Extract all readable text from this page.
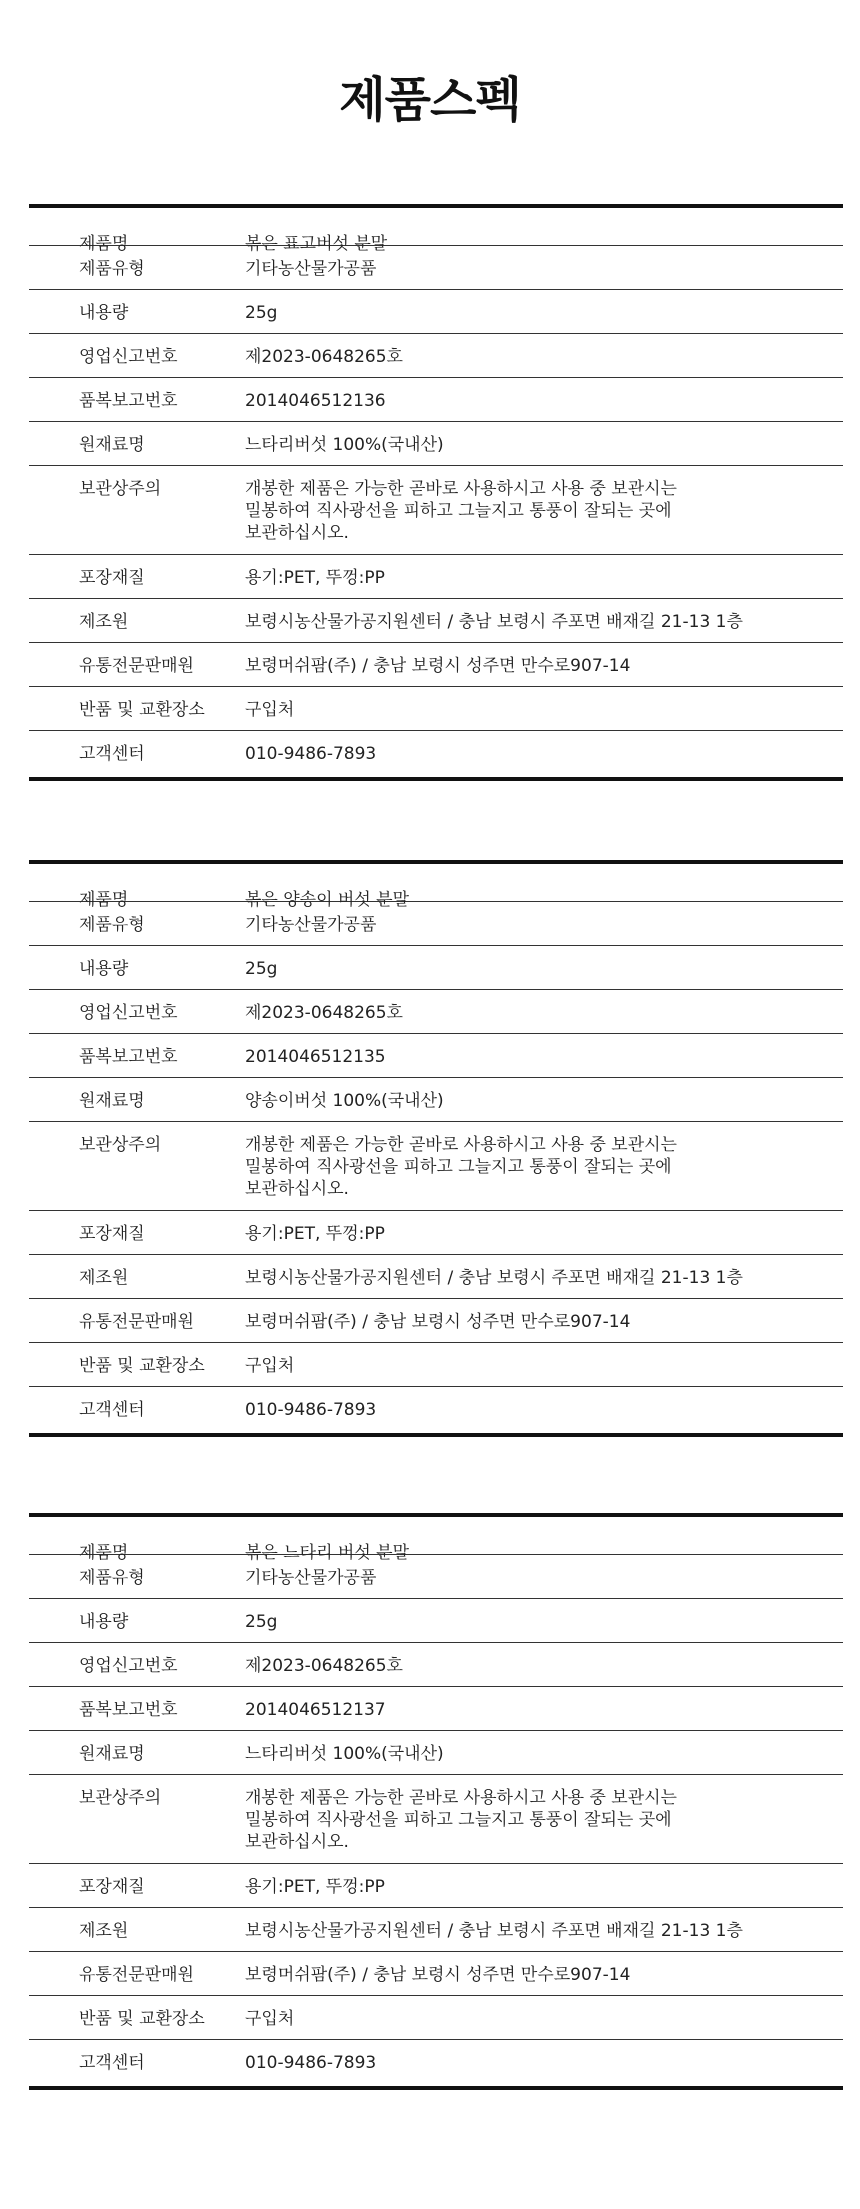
제품스펙
제품명	볶은 표고버섯 분말
제품유형	기타농산물가공품
내용량	25g
영업신고번호	제2023-0648265호
품복보고번호	2014046512136
원재료명	느타리버섯 100%(국내산)
보관상주의	개봉한 제품은 가능한 곧바로 사용하시고 사용 중 보관시는
밀봉하여 직사광선을 피하고 그늘지고 통풍이 잘되는 곳에
보관하십시오.
포장재질	용기:PET, 뚜껑:PP
제조원	보령시농산물가공지원센터 / 충남 보령시 주포면 배재길 21-13 1층
유통전문판매원	보령머쉬팜(주) / 충남 보령시 성주면 만수로907-14
반품 및 교환장소	구입처
고객센터	010-9486-7893
제품명	볶은 양송이 버섯 분말
제품유형	기타농산물가공품
내용량	25g
영업신고번호	제2023-0648265호
품복보고번호	2014046512135
원재료명	양송이버섯 100%(국내산)
보관상주의	개봉한 제품은 가능한 곧바로 사용하시고 사용 중 보관시는
밀봉하여 직사광선을 피하고 그늘지고 통풍이 잘되는 곳에
보관하십시오.
포장재질	용기:PET, 뚜껑:PP
제조원	보령시농산물가공지원센터 / 충남 보령시 주포면 배재길 21-13 1층
유통전문판매원	보령머쉬팜(주) / 충남 보령시 성주면 만수로907-14
반품 및 교환장소	구입처
고객센터	010-9486-7893
제품명	볶은 느타리 버섯 분말
제품유형	기타농산물가공품
내용량	25g
영업신고번호	제2023-0648265호
품복보고번호	2014046512137
원재료명	느타리버섯 100%(국내산)
보관상주의	개봉한 제품은 가능한 곧바로 사용하시고 사용 중 보관시는
밀봉하여 직사광선을 피하고 그늘지고 통풍이 잘되는 곳에
보관하십시오.
포장재질	용기:PET, 뚜껑:PP
제조원	보령시농산물가공지원센터 / 충남 보령시 주포면 배재길 21-13 1층
유통전문판매원	보령머쉬팜(주) / 충남 보령시 성주면 만수로907-14
반품 및 교환장소	구입처
고객센터	010-9486-7893
